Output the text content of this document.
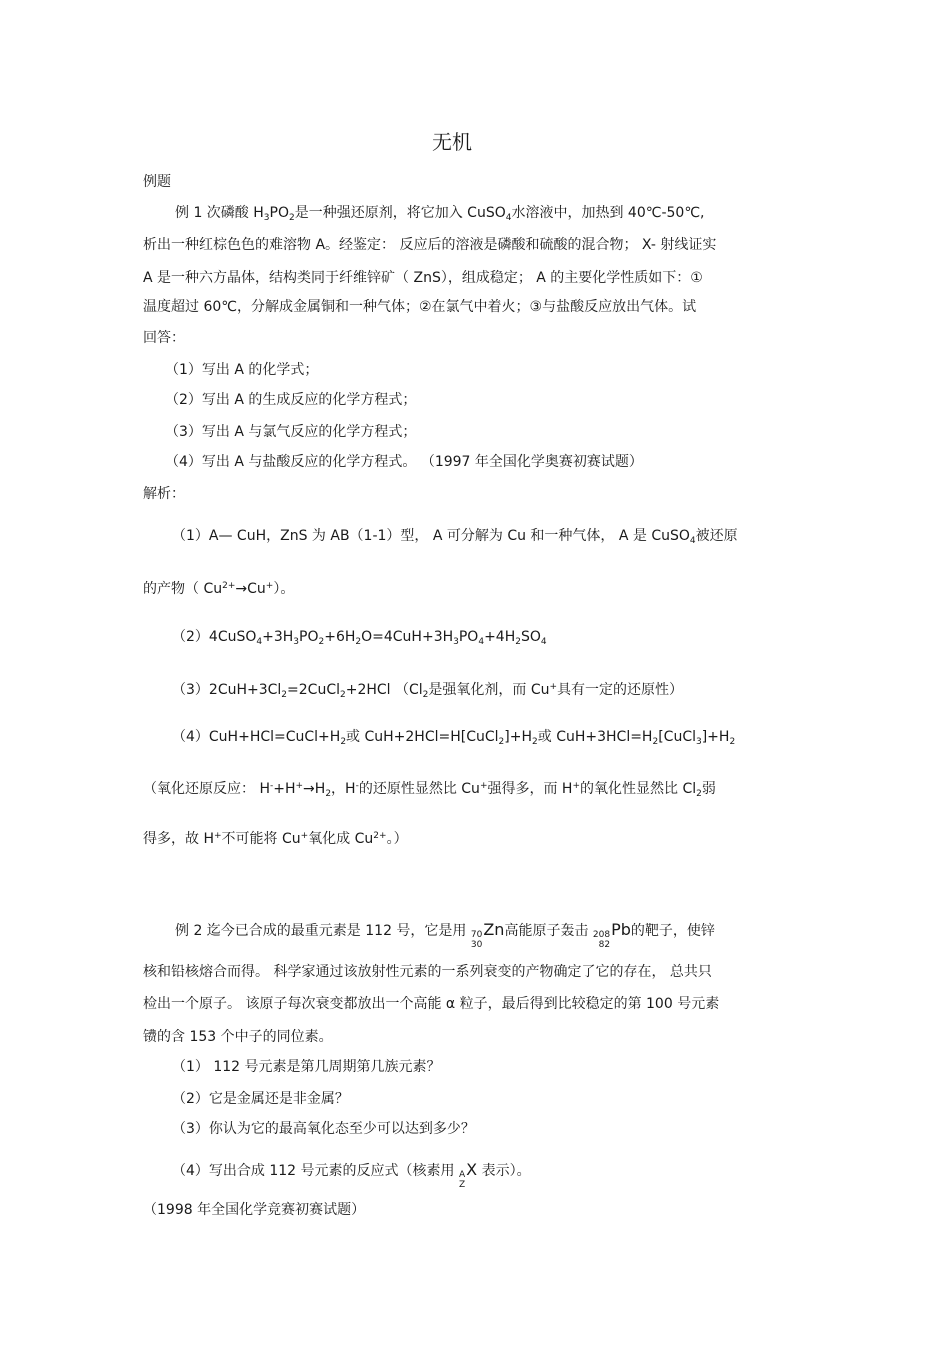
无机
例题
例 1 次磷酸 $H_3PO_2$是一种强还原剂，将它加入 CuSO$_4$水溶液中，加热到 40℃-50℃,
析出一种红棕色色的难溶物 A。经鉴定： 反应后的溶液是磷酸和硫酸的混合物； X- 射线证实
A 是一种六方晶体，结构类同于纤维锌矿（ ZnS），组成稳定； A 的主要化学性质如下：①
温度超过 60℃，分解成金属铜和一种气体；②在氯气中着火；③与盐酸反应放出气体。试
回答：
（1）写出 A 的化学式；
（2）写出 A 的生成反应的化学方程式；
（3）写出 A 与氯气反应的化学方程式；
（4）写出 A 与盐酸反应的化学方程式。 （1997 年全国化学奥赛初赛试题）
解析：
（1）A— CuH，ZnS 为 AB（1-1）型， A 可分解为 Cu 和一种气体， A 是 CuSO$_4$被还原
的产物（ $Cu^{2+}\to Cu^+$）。
$(2)4CuSO_4+3H_3PO_2+6H_2O=4CuH+3H_3PO_4+4H_2SO_4$
$(3)2CuH+3Cl_2=2CuCl_2+2HCl$ （$Cl_2$是强氧化剂，而 Cu+具有一定的还原性）
$(4)CuH+HCl=CuCl+H_2$或 $CuH+2HCl=H[CuCl_2]+H_2$或 $CuH+3HCl=H_2[CuCl_3]+H_2$
（氧化还原反应： $H^-+H^+\to H_2$，H-的还原性显然比 Cu+强得多，而 H+的氧化性显然比 $Cl_2$弱
得多，故 H+不可能将 Cu+氧化成 $Cu^{2+}$。）
例 2 迄今已合成的最重元素是 112 号，它是用 70
30
Zn高能原子轰击 208
82
Pb的靶子，使锌
核和铅核熔合而得。 科学家通过该放射性元素的一系列衰变的产物确定了它的存在， 总共只
检出一个原子。 该原子每次衰变都放出一个高能 α 粒子，最后得到比较稳定的第 100 号元素
镄的含 153 个中子的同位素。
（1） 112 号元素是第几周期第几族元素？
（2）它是金属还是非金属？
（3）你认为它的最高氧化态至少可以达到多少？
（4）写出合成 112 号元素的反应式（核素用 A
Z
X 表示）。
（1998 年全国化学竞赛初赛试题）
